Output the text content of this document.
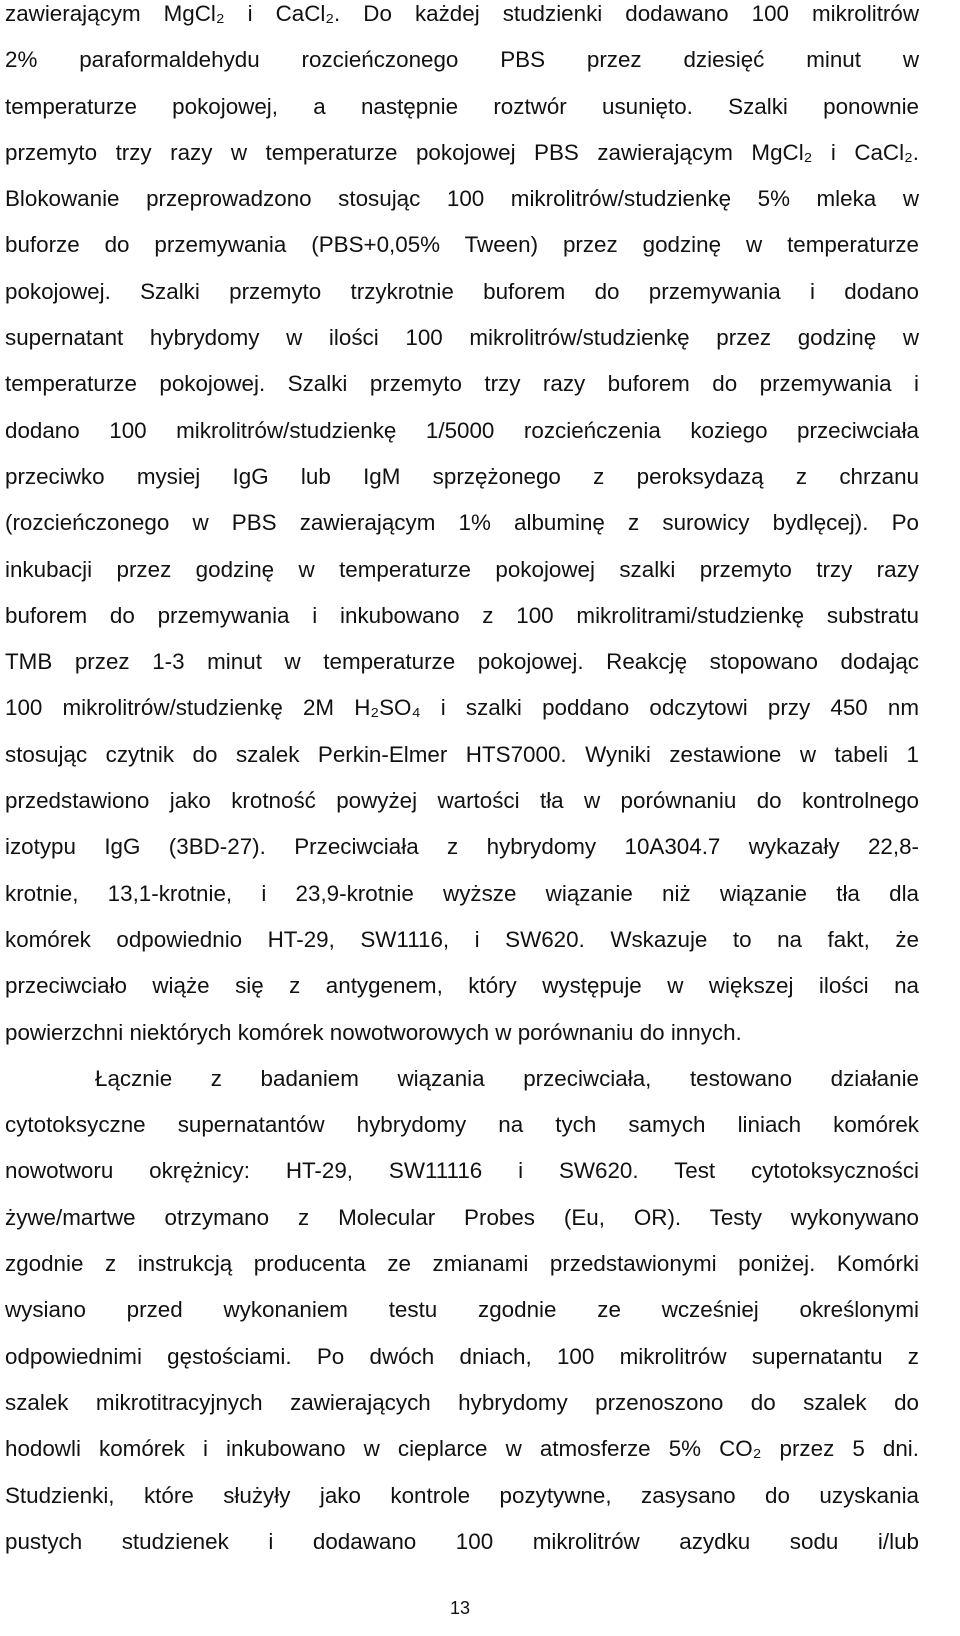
zawierającym MgCl₂ i CaCl₂. Do każdej studzienki dodawano 100 mikrolitrów
2% paraformaldehydu rozcieńczonego PBS przez dziesięć minut w
temperaturze pokojowej, a następnie roztwór usunięto. Szalki ponownie
przemyto trzy razy w temperaturze pokojowej PBS zawierającym MgCl₂ i CaCl₂.
Blokowanie przeprowadzono stosując 100 mikrolitrów/studzienkę 5% mleka w
buforze do przemywania (PBS+0,05% Tween) przez godzinę w temperaturze
pokojowej. Szalki przemyto trzykrotnie buforem do przemywania i dodano
supernatant hybrydomy w ilości 100 mikrolitrów/studzienkę przez godzinę w
temperaturze pokojowej. Szalki przemyto trzy razy buforem do przemywania i
dodano 100 mikrolitrów/studzienkę 1/5000 rozcieńczenia koziego przeciwciała
przeciwko mysiej IgG lub IgM sprzężonego z peroksydazą z chrzanu
(rozcieńczonego w PBS zawierającym 1% albuminę z surowicy bydlęcej). Po
inkubacji przez godzinę w temperaturze pokojowej szalki przemyto trzy razy
buforem do przemywania i inkubowano z 100 mikrolitrami/studzienkę substratu
TMB przez 1-3 minut w temperaturze pokojowej. Reakcję stopowano dodając
100 mikrolitrów/studzienkę 2M H₂SO₄ i szalki poddano odczytowi przy 450 nm
stosując czytnik do szalek Perkin-Elmer HTS7000. Wyniki zestawione w tabeli 1
przedstawiono jako krotność powyżej wartości tła w porównaniu do kontrolnego
izotypu IgG (3BD-27). Przeciwciała z hybrydomy 10A304.7 wykazały 22,8-
krotnie, 13,1-krotnie, i 23,9-krotnie wyższe wiązanie niż wiązanie tła dla
komórek odpowiednio HT-29, SW1116, i SW620. Wskazuje to na fakt, że
przeciwciało wiąże się z antygenem, który występuje w większej ilości na
powierzchni niektórych komórek nowotworowych w porównaniu do innych.
Łącznie z badaniem wiązania przeciwciała, testowano działanie
cytotoksyczne supernatantów hybrydomy na tych samych liniach komórek
nowotworu okrężnicy: HT-29, SW11116 i SW620. Test cytotoksyczności
żywe/martwe otrzymano z Molecular Probes (Eu, OR). Testy wykonywano
zgodnie z instrukcją producenta ze zmianami przedstawionymi poniżej. Komórki
wysiano przed wykonaniem testu zgodnie ze wcześniej określonymi
odpowiednimi gęstościami. Po dwóch dniach, 100 mikrolitrów supernatantu z
szalek mikrotitracyjnych zawierających hybrydomy przenoszono do szalek do
hodowli komórek i inkubowano w cieplarce w atmosferze 5% CO₂ przez 5 dni.
Studzienki, które służyły jako kontrole pozytywne, zasysano do uzyskania
pustych studzienek i dodawano 100 mikrolitrów azydku sodu i/lub
13
